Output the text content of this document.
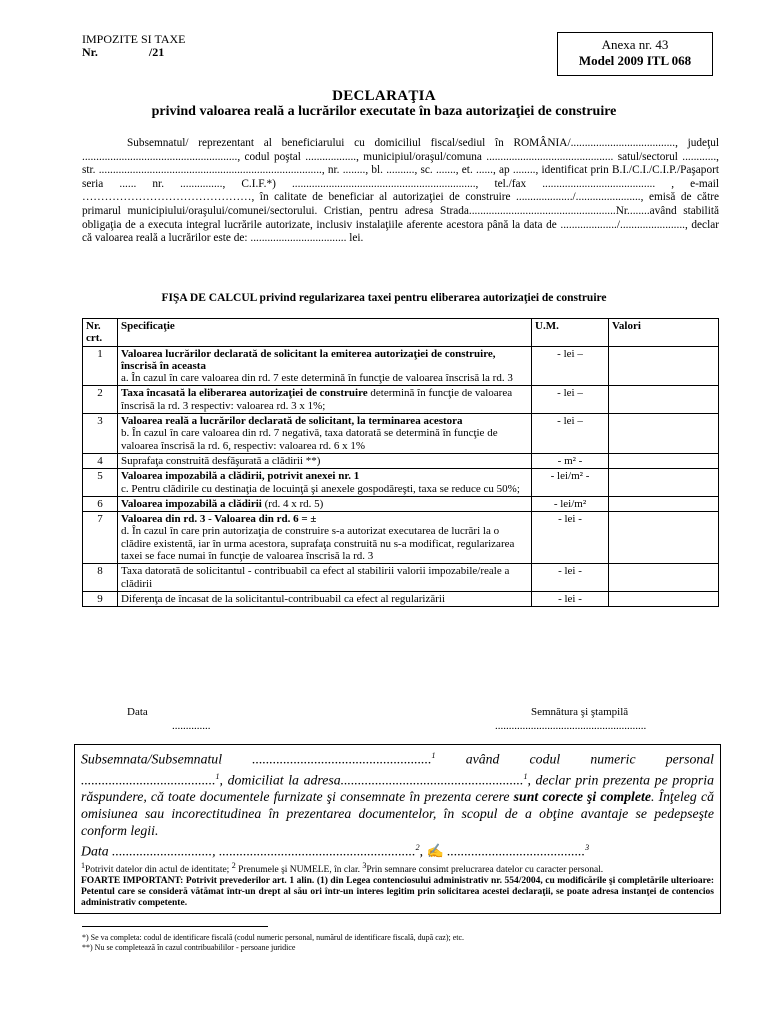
IMPOZITE SI TAXE
Nr.                 /21	Anexa nr. 43
Model 2009 ITL 068
DECLARAŢIA
privind valoarea reală a lucrărilor executate în baza autorizaţiei de construire

Subsemnatul/ reprezentant al beneficiarului cu domiciliul fiscal/sediul în ROMÂNIA/....................................., judeţul ......................................................., codul poştal .................., municipiul/oraşul/comuna ............................................. satul/sectorul ............, str. ..............................................................................., nr. ........, bl. .........., sc. ......., et. ......, ap ........, identificat prin B.I./C.I./C.I.P./Paşaport seria ...... nr. ..............., C.I.F.*) ................................................................., tel./fax ........................................ , e-mail ………………………………………, în calitate de beneficiar al autorizaţiei de construire ..................../......................., emisă de către primarul municipiului/oraşului/comunei/sectorului. Cristian, pentru adresa Strada....................................................Nr........având stabilită obligaţia de a executa integral lucrările autorizate, inclusiv instalaţiile aferente acestora până la data de ..................../......................., declar că valoarea reală a lucrărilor este de: .................................. lei.

FIŞA DE CALCUL privind regularizarea taxei pentru eliberarea autorizaţiei de construire
Nr. crt.	Specificaţie	U.M.	Valori
1	Valoarea lucrărilor declarată de solicitant la emiterea autorizaţiei de construire, înscrisă în aceasta
a. În cazul în care valoarea din rd. 7 este determină în funcţie de valoarea înscrisă la rd. 3	- lei –	
2	Taxa încasată la eliberarea autorizaţiei de construire determină în funcţie de valoarea înscrisă la rd. 3 respectiv: valoarea rd. 3 x 1%;	- lei –	
3	Valoarea reală a lucrărilor declarată de solicitant, la terminarea acestora
b. În cazul în care valoarea din rd. 7 negativă, taxa datorată se determină în funcţie de valoarea înscrisă la rd. 6, respectiv: valoarea rd. 6 x 1%	- lei –	
4	Suprafaţa construită desfăşurată a clădirii **)	- m² -	
5	Valoarea impozabilă a clădirii, potrivit anexei nr. 1
c. Pentru clădirile cu destinaţia de locuinţă şi anexele gospodăreşti, taxa se reduce cu 50%;	- lei/m² -	
6	Valoarea impozabilă a clădirii (rd. 4 x rd. 5)	- lei/m²	
7	Valoarea din rd. 3 - Valoarea din rd. 6 = ±
d. În cazul în care prin autorizaţia de construire s-a autorizat executarea de lucrări la o clădire existentă, iar în urma acestora, suprafaţa construită nu s-a modificat, regularizarea taxei se face numai în funcţie de valoarea înscrisă la rd. 3	- lei -	
8	Taxa datorată de solicitantul - contribuabil ca efect al stabilirii valorii impozabile/reale a clădirii	- lei -	
9	Diferenţa de încasat de la solicitantul-contribuabil ca efect al regularizării	- lei -	
Data
..............
Semnătura şi ştampilă
.......................................................
Subsemnata/Subsemnatul ....................................................$^1$ având codul numeric personal .......................................$^1$, domiciliat la adresa.....................................................$^1$, declar prin prezenta pe propria răspundere, că toate documentele furnizate şi consemnate în prezenta cerere sunt corecte şi complete. Înţeleg că omisiunea sau incorectitudinea în prezentarea documentelor, în scopul de a obţine avantaje se pedepseşte conform legii.
Data ............................., .........................................................$^2$, ✍ ........................................$^3$
$^1$Potrivit datelor din actul de identitate; $^2$ Prenumele şi NUMELE, în clar. $^3$Prin semnare consimt prelucrarea datelor cu caracter personal.
FOARTE IMPORTANT: Potrivit prevederilor art. 1 alin. (1) din Legea contenciosului administrativ nr. 554/2004, cu modificările şi completările ulterioare: Petentul care se consideră vătămat într-un drept al său ori într-un interes legitim prin solicitarea acestei declaraţii, se poate adresa instanţei de contencios administrativ competente.
*) Se va completa: codul de identificare fiscală (codul numeric personal, numărul de identificare fiscală, după caz); etc.
**) Nu se completează în cazul contribuabililor - persoane juridice
